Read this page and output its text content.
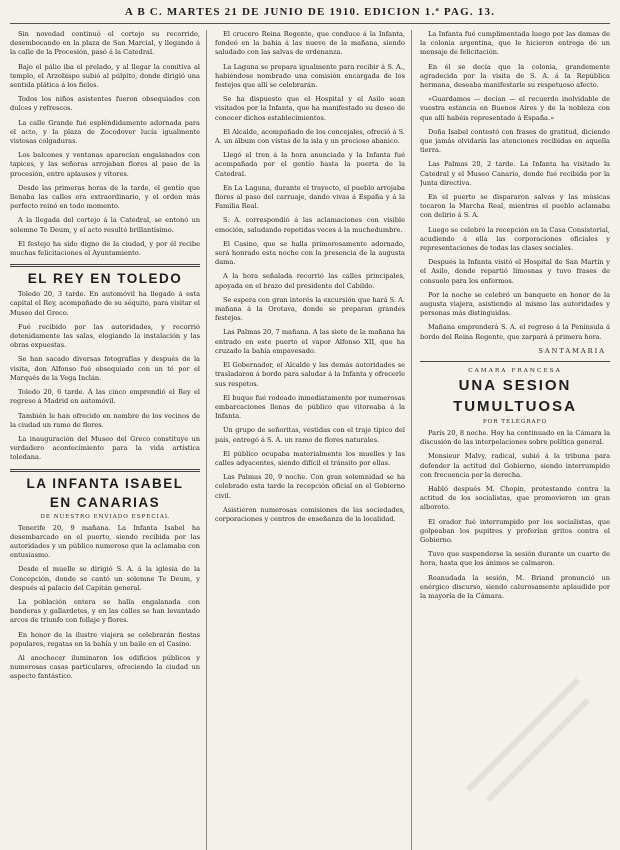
A B C. MARTES 21 DE JUNIO DE 1910. EDICION 1.ª PAG. 13.

Sin novedad continuó el cortejo su recorrido, desembocando en la plaza de San Marcial, y llegando á la calle de la Procesión, pasó á la Catedral.

Bajo el pálio iba el prelado, y al llegar la comitiva al templo, el Arzobispo subió al púlpito, donde dirigió una sentida plática á los fieles.

Todos los niños asistentes fueron obsequiados con dulces y refrescos.

La calle Grande fué espléndidamente adornada para el acto, y la plaza de Zocodover lucía igualmente vistosas colgaduras.

Los balcones y ventanas aparecían engalanados con tapices, y las señoras arrojaban flores al paso de la procesión, entre aplausos y vítores.

Desde las primeras horas de la tarde, el gentío que llenaba las calles era extraordinario, y el orden más perfecto reinó en todo momento.

A la llegada del cortejo á la Catedral, se entonó un solemne Te Deum, y el acto resultó brillantísimo.

El festejo ha sido digno de la ciudad, y por él recibe muchas felicitaciones el Ayuntamiento.

EL REY EN TOLEDO

Toledo 20, 3 tarde. En automóvil ha llegado á esta capital el Rey, acompañado de su séquito, para visitar el Museo del Greco.

Fué recibido por las autoridades, y recorrió detenidamente las salas, elogiando la instalación y las obras expuestas.

Se han sacado diversas fotografías y después de la visita, don Alfonso fué obsequiado con un té por el Marqués de la Vega Inclán.

Toledo 20, 6 tarde. A las cinco emprendió el Rey el regreso á Madrid en automóvil.

También le han ofrecido en nombre de los vecinos de la ciudad un ramo de flores.

La inauguración del Museo del Greco constituye un verdadero acontecimiento para la vida artística toledana.

LA INFANTA ISABEL
EN CANARIAS
DE NUESTRO ENVIADO ESPECIAL

Tenerife 20, 9 mañana. La Infanta Isabel ha desembarcado en el puerto, siendo recibida por las autoridades y un público numeroso que la aclamaba con entusiasmo.

Desde el muelle se dirigió S. A. á la iglesia de la Concepción, donde se cantó un solemne Te Deum, y después al palacio del Capitán general.

La población entera se halla engalanada con banderas y gallardetes, y en las calles se han levantado arcos de triunfo con follaje y flores.

En honor de la ilustre viajera se celebrarán fiestas populares, regatas en la bahía y un baile en el Casino.

Al anochecer iluminaron los edificios públicos y numerosas casas particulares, ofreciendo la ciudad un aspecto fantástico.

El crucero Reina Regente, que conduce á la Infanta, fondeó en la bahía á las nueve de la mañana, siendo saludado con las salvas de ordenanza.

La Laguna se prepara igualmente para recibir á S. A., habiéndose nombrado una comisión encargada de los festejos que allí se celebrarán.

Se ha dispuesto que el Hospital y el Asilo sean visitados por la Infanta, que ha manifestado su deseo de conocer dichos establecimientos.

El Alcalde, acompañado de los concejales, ofreció á S. A. un álbum con vistas de la isla y un precioso abanico.

Llegó el tren á la hora anunciada y la Infanta fué acompañada por el gentío hasta la puerta de la Catedral.

En La Laguna, durante el trayecto, el pueblo arrojaba flores al paso del carruaje, dando vivas á España y á la Familia Real.

S. A. correspondió á las aclamaciones con visible emoción, saludando repetidas veces á la muchedumbre.

El Casino, que se halla primorosamente adornado, será honrado esta noche con la presencia de la augusta dama.

A la hora señalada recorrió las calles principales, apoyada en el brazo del presidente del Cabildo.

Se espera con gran interés la excursión que hará S. A. mañana á la Orotava, donde se preparan grandes festejos.

Las Palmas 20, 7 mañana. A las siete de la mañana ha entrado en este puerto el vapor Alfonso XII, que ha cruzado la bahía empavesado.

El Gobernador, el Alcalde y las demás autoridades se trasladaron á bordo para saludar á la Infanta y ofrecerle sus respetos.

El buque fué rodeado inmediatamente por numerosas embarcaciones llenas de público que vitoreaba á la Infanta.

Un grupo de señoritas, vestidas con el traje típico del país, entregó á S. A. un ramo de flores naturales.

El público ocupaba materialmente los muelles y las calles adyacentes, siendo difícil el tránsito por ellas.

Las Palmas 20, 9 noche. Con gran solemnidad se ha celebrado esta tarde la recepción oficial en el Gobierno civil.

Asistieron numerosas comisiones de las sociedades, corporaciones y centros de enseñanza de la localidad.

La Infanta fué cumplimentada luego por las damas de la colonia argentina, que le hicieron entrega de un mensaje de felicitación.

En él se decía que la colonia, grandemente agradecida por la visita de S. A. á la República hermana, deseaba manifestarle su respetuoso afecto.

«Guardamos — decían — el recuerdo inolvidable de vuestra estancia en Buenos Aires y de la nobleza con que allí habéis representado á España.»

Doña Isabel contestó con frases de gratitud, diciendo que jamás olvidaría las atenciones recibidas en aquella tierra.

Las Palmas 20, 2 tarde. La Infanta ha visitado la Catedral y el Museo Canario, donde fué recibida por la Junta directiva.

En el puerto se dispararon salvas y las músicas tocaron la Marcha Real, mientras el pueblo aclamaba con delirio á S. A.

Luego se celebró la recepción en la Casa Consistorial, acudiendo á ella las corporaciones oficiales y representaciones de todas las clases sociales.

Después la Infanta visitó el Hospital de San Martín y el Asilo, donde repartió limosnas y tuvo frases de consuelo para los enfermos.

Por la noche se celebró un banquete en honor de la augusta viajera, asistiendo al mismo las autoridades y personas más distinguidas.

Mañana emprenderá S. A. el regreso á la Península á bordo del Reina Regente, que zarpará á primera hora.

SANTAMARIA
CAMARA FRANCESA
UNA SESION
TUMULTUOSA
POR TELÉGRAFO

París 20, 8 noche. Hoy ha continuado en la Cámara la discusión de las interpelaciones sobre política general.

Monsieur Malvy, radical, subió á la tribuna para defender la actitud del Gobierno, siendo interrumpido con frecuencia por la derecha.

Habló después M. Chopin, protestando contra la actitud de los socialistas, que promovieron un gran alboroto.

El orador fué interrumpido por los socialistas, que golpeaban los pupitres y proferían gritos contra el Gobierno.

Tuvo que suspenderse la sesión durante un cuarto de hora, hasta que los ánimos se calmaron.

Reanudada la sesión, M. Briand pronunció un enérgico discurso, siendo calurosamente aplaudido por la mayoría de la Cámara.
